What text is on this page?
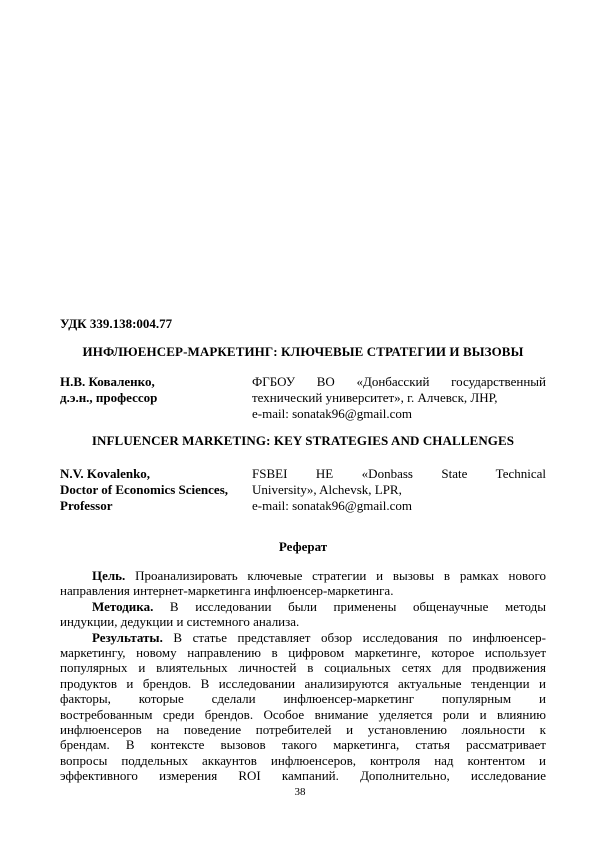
УДК 339.138:004.77
ИНФЛЮЕНСЕР-МАРКЕТИНГ: КЛЮЧЕВЫЕ СТРАТЕГИИ И ВЫЗОВЫ
Н.В. Коваленко,
д.э.н., профессор
ФГБОУ ВО «Донбасский государственный
технический университет», г. Алчевск, ЛНР,
e-mail: sonatak96@gmail.com
INFLUENCER MARKETING: KEY STRATEGIES AND CHALLENGES
N.V. Kovalenko,
Doctor of Economics Sciences,
Professor
FSBEI HE «Donbass State Technical
University», Alchevsk, LPR,
e-mail: sonatak96@gmail.com
Реферат
Цель. Проанализировать ключевые стратегии и вызовы в рамках нового
направления интернет-маркетинга инфлюенсер-маркетинга.
Методика. В исследовании были применены общенаучные методы
индукции, дедукции и системного анализа.
Результаты. В статье представляет обзор исследования по инфлюенсер-
маркетингу, новому направлению в цифровом маркетинге, которое использует
популярных и влиятельных личностей в социальных сетях для продвижения
продуктов и брендов. В исследовании анализируются актуальные тенденции и
факторы, которые сделали инфлюенсер-маркетинг популярным и
востребованным среди брендов. Особое внимание уделяется роли и влиянию
инфлюенсеров на поведение потребителей и установлению лояльности к
брендам. В контексте вызовов такого маркетинга, статья рассматривает
вопросы поддельных аккаунтов инфлюенсеров, контроля над контентом и
эффективного измерения ROI кампаний. Дополнительно, исследование
38
